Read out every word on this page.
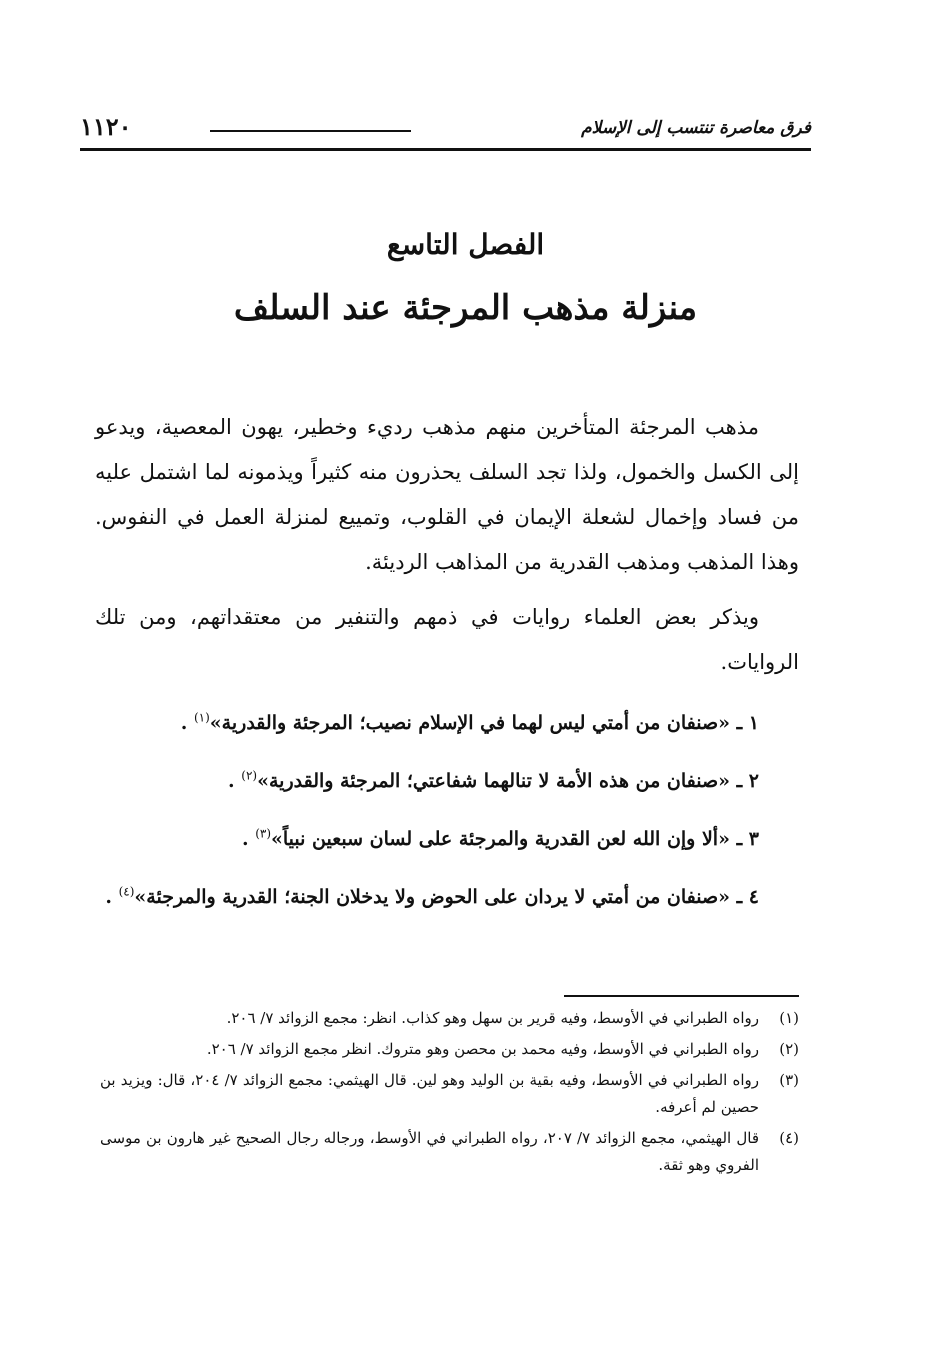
فرق معاصرة تنتسب إلى الإسلام
١١٢٠
الفصل التاسع
منزلة مذهب المرجئة عند السلف

مذهب المرجئة المتأخرين منهم مذهب رديء وخطير، يهون المعصية، ويدعو إلى الكسل والخمول، ولذا تجد السلف يحذرون منه كثيراً ويذمونه لما اشتمل عليه من فساد وإخمال لشعلة الإيمان في القلوب، وتمييع لمنزلة العمل في النفوس. وهذا المذهب ومذهب القدرية من المذاهب الرديئة.

ويذكر بعض العلماء روايات في ذمهم والتنفير من معتقداتهم، ومن تلك الروايات.

١ ـ «صنفان من أمتي ليس لهما في الإسلام نصيب؛ المرجئة والقدرية»$^{(١)}$ .

٢ ـ «صنفان من هذه الأمة لا تنالهما شفاعتي؛ المرجئة والقدرية»$^{(٢)}$ .

٣ ـ «ألا وإن الله لعن القدرية والمرجئة على لسان سبعين نبياً»$^{(٣)}$ .

٤ ـ «صنفان من أمتي لا يردان على الحوض ولا يدخلان الجنة؛ القدرية والمرجئة»$^{(٤)}$ .

(١)
رواه الطبراني في الأوسط، وفيه قرير بن سهل وهو كذاب. انظر: مجمع الزوائد ٧/ ٢٠٦.
(٢)
رواه الطبراني في الأوسط، وفيه محمد بن محصن وهو متروك. انظر مجمع الزوائد ٧/ ٢٠٦.
(٣)
رواه الطبراني في الأوسط، وفيه بقية بن الوليد وهو لين. قال الهيثمي: مجمع الزوائد ٧/ ٢٠٤، قال: ويزيد بن حصين لم أعرفه.
(٤)
قال الهيثمي، مجمع الزوائد ٧/ ٢٠٧، رواه الطبراني في الأوسط، ورجاله رجال الصحيح غير هارون بن موسى الفروي وهو ثقة.
